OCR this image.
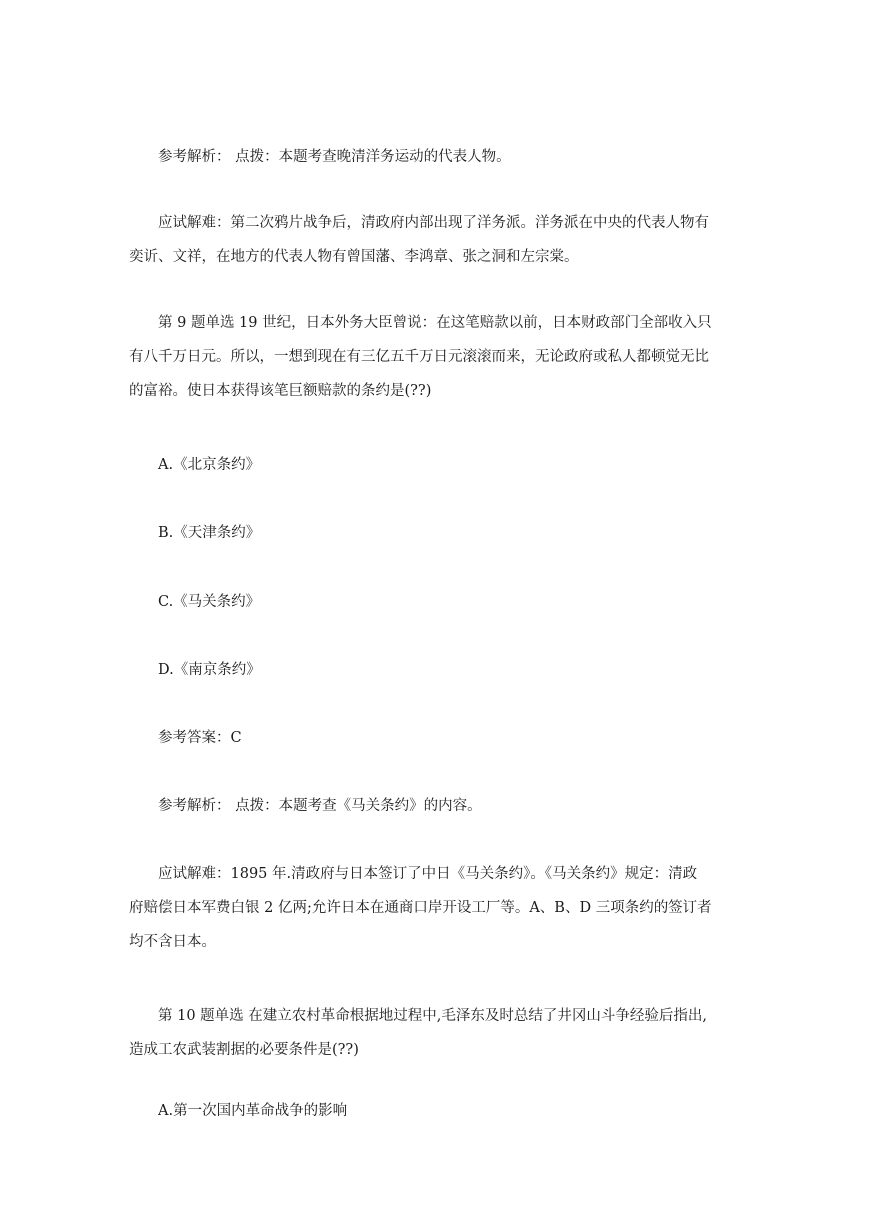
参考解析： 点拨：本题考查晚清洋务运动的代表人物。

应试解难：第二次鸦片战争后，清政府内部出现了洋务派。洋务派在中央的代表人物有
奕䜣、文祥，在地方的代表人物有曾国藩、李鸿章、张之洞和左宗棠。

第 9 题单选 19 世纪，日本外务大臣曾说：在这笔赔款以前，日本财政部门全部收入只
有八千万日元。所以，一想到现在有三亿五千万日元滚滚而来，无论政府或私人都顿觉无比
的富裕。使日本获得该笔巨额赔款的条约是(??)

A.《北京条约》

B.《天津条约》

C.《马关条约》

D.《南京条约》

参考答案：C

参考解析： 点拨：本题考查《马关条约》的内容。

应试解难：1895 年.清政府与日本签订了中日《马关条约》。《马关条约》规定：清政
府赔偿日本军费白银 2 亿两;允许日本在通商口岸开设工厂等。A、B、D 三项条约的签订者
均不含日本。

第 10 题单选 在建立农村革命根据地过程中,毛泽东及时总结了井冈山斗争经验后指出,
造成工农武装割据的必要条件是(??)

A.第一次国内革命战争的影响
